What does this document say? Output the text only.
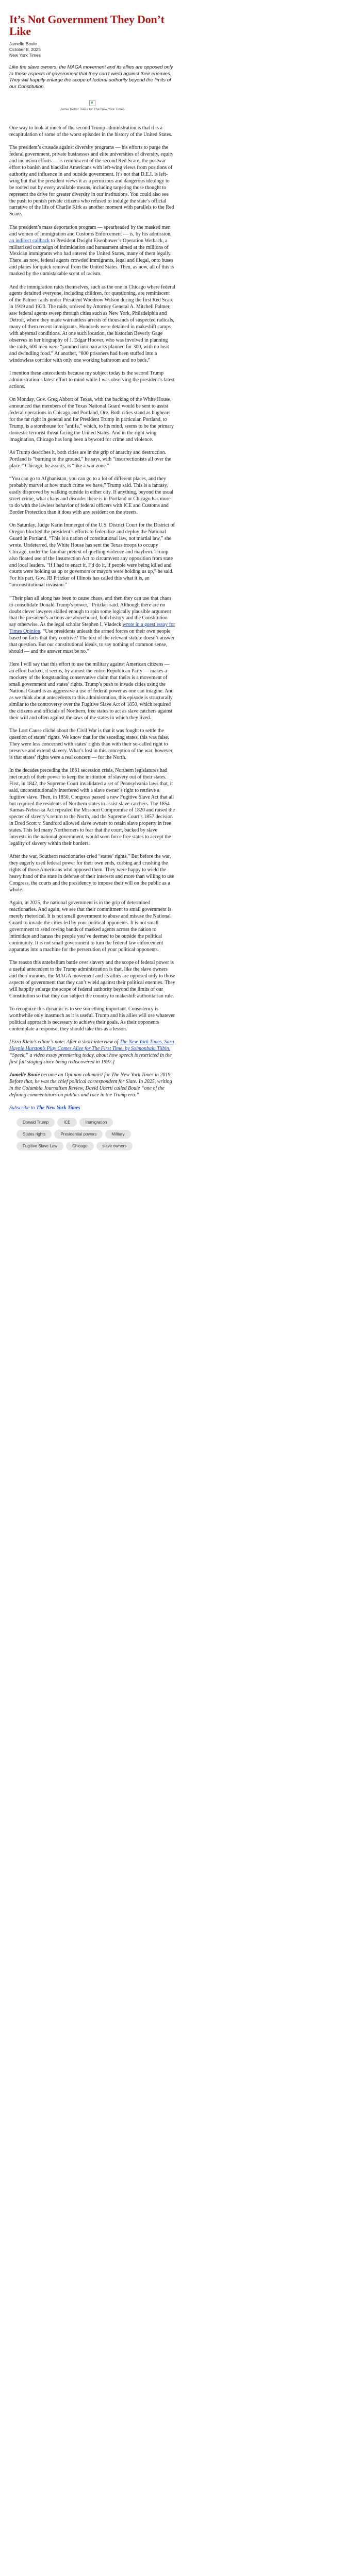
It’s Not Government They Don’t Like
Jamelle Bouie
October 8, 2025
New York Times
Like the slave owners, the MAGA movement and its allies are opposed only to those aspects of government that they can’t wield against their enemies. They will happily enlarge the scope of federal authority beyond the limits of our Constitution.
Jamie Kelter Davis for The New York Times

One way to look at much of the second Trump administration is that it is a recapitulation of some of the worst episodes in the history of the United States.

The president’s crusade against diversity programs — his efforts to purge the federal government, private businesses and elite universities of diversity, equity and inclusion efforts — is reminiscent of the second Red Scare, the postwar effort to banish and blacklist Americans with left-wing views from positions of authority and influence in and outside government. It’s not that D.E.I. is left-wing but that the president views it as a pernicious and dangerous ideology to be rooted out by every available means, including targeting those thought to represent the drive for greater diversity in our institutions. You could also see the push to punish private citizens who refused to indulge the state’s official narrative of the life of Charlie Kirk as another moment with parallels to the Red Scare.

The president’s mass deportation program — spearheaded by the masked men and women of Immigration and Customs Enforcement — is, by his admission, an indirect callback to President Dwight Eisenhower’s Operation Wetback, a militarized campaign of intimidation and harassment aimed at the millions of Mexican immigrants who had entered the United States, many of them legally. There, as now, federal agents crowded immigrants, legal and illegal, onto buses and planes for quick removal from the United States. Then, as now, all of this is marked by the unmistakable scent of racism.

And the immigration raids themselves, such as the one in Chicago where federal agents detained everyone, including children, for questioning, are reminiscent of the Palmer raids under President Woodrow Wilson during the first Red Scare in 1919 and 1920. The raids, ordered by Attorney General A. Mitchell Palmer, saw federal agents sweep through cities such as New York, Philadelphia and Detroit, where they made warrantless arrests of thousands of suspected radicals, many of them recent immigrants. Hundreds were detained in makeshift camps with abysmal conditions. At one such location, the historian Beverly Gage observes in her biography of J. Edgar Hoover, who was involved in planning the raids, 600 men were “jammed into barracks planned for 300, with no heat and dwindling food.” At another, “800 prisoners had been stuffed into a windowless corridor with only one working bathroom and no beds.”

I mention these antecedents because my subject today is the second Trump administration’s latest effort to mind while I was observing the president’s latest actions.

On Monday, Gov. Greg Abbott of Texas, with the backing of the White House, announced that members of the Texas National Guard would be sent to assist federal operations in Chicago and Portland, Ore. Both cities stand as bugbears for the far right in general and for President Trump in particular. Portland, to Trump, is a storehouse for “antifa,” which, to his mind, seems to be the primary domestic terrorist threat facing the United States. And in the right-wing imagination, Chicago has long been a byword for crime and violence.

As Trump describes it, both cities are in the grip of anarchy and destruction. Portland is “burning to the ground,” he says, with “insurrectionists all over the place.” Chicago, he asserts, is “like a war zone.”

“You can go to Afghanistan, you can go to a lot of different places, and they probably marvel at how much crime we have,” Trump said. This is a fantasy, easily disproved by walking outside in either city. If anything, beyond the usual street crime, what chaos and disorder there is in Portland or Chicago has more to do with the lawless behavior of federal officers with ICE and Customs and Border Protection than it does with any resident on the streets.

On Saturday, Judge Karin Immergut of the U.S. District Court for the District of Oregon blocked the president’s efforts to federalize and deploy the National Guard in Portland. “This is a nation of constitutional law, not martial law,” she wrote. Undeterred, the White House has sent the Texas troops to occupy Chicago, under the familiar pretext of quelling violence and mayhem. Trump also floated use of the Insurrection Act to circumvent any opposition from state and local leaders. “If I had to enact it, I’d do it, if people were being killed and courts were holding us up or governors or mayors were holding us up,” he said. For his part, Gov. JB Pritzker of Illinois has called this what it is, an “unconstitutional invasion.”

“Their plan all along has been to cause chaos, and then they can use that chaos to consolidate Donald Trump’s power,” Pritzker said. Although there are no doubt clever lawyers skilled enough to spin some logically plausible argument that the president’s actions are aboveboard, both history and the Constitution say otherwise. As the legal scholar Stephen I. Vladeck wrote in a guest essay for Times Opinion, “Use presidents unleash the armed forces on their own people based on facts that they contrive? The text of the relevant statute doesn’t answer that question. But our constitutional ideals, to say nothing of common sense, should — and the answer must be no.”

Here I will say that this effort to use the military against American citizens — an effort backed, it seems, by almost the entire Republican Party — makes a mockery of the longstanding conservative claim that theirs is a movement of small government and states’ rights. Trump’s push to invade cities using the National Guard is as aggressive a use of federal power as one can imagine. And as we think about antecedents to this administration, this episode is structurally similar to the controversy over the Fugitive Slave Act of 1850, which required the citizens and officials of Northern, free states to act as slave catchers against their will and often against the laws of the states in which they lived.

The Lost Cause cliché about the Civil War is that it was fought to settle the question of states’ rights. We know that for the seceding states, this was false. They were less concerned with states’ rights than with their so-called right to preserve and extend slavery. What’s lost in this conception of the war, however, is that states’ rights were a real concern — for the North.

In the decades preceding the 1861 secession crisis, Northern legislatures had met much of their power to keep the institution of slavery out of their states. First, in 1842, the Supreme Court invalidated a set of Pennsylvania laws that, it said, unconstitutionally interfered with a slave owner’s right to retrieve a fugitive slave. Then, in 1850, Congress passed a new Fugitive Slave Act that all but required the residents of Northern states to assist slave catchers. The 1854 Kansas-Nebraska Act repealed the Missouri Compromise of 1820 and raised the specter of slavery’s return to the North, and the Supreme Court’s 1857 decision in Dred Scott v. Sandford allowed slave owners to retain slave property in free states. This led many Northerners to fear that the court, backed by slave interests in the national government, would soon force free states to accept the legality of slavery within their borders.

After the war, Southern reactionaries cried “states’ rights.” But before the war, they eagerly used federal power for their own ends, curbing and crushing the rights of those Americans who opposed them. They were happy to wield the heavy hand of the state in defense of their interests and more than willing to use Congress, the courts and the presidency to impose their will on the public as a whole.

Again, in 2025, the national government is in the grip of determined reactionaries. And again, we see that their commitment to small government is merely rhetorical. It is not small government to abuse and misuse the National Guard to invade the cities led by your political opponents. It is not small government to send roving bands of masked agents across the nation to intimidate and harass the people you’ve deemed to be outside the political community. It is not small government to turn the federal law enforcement apparatus into a machine for the persecution of your political opponents.

The reason this antebellum battle over slavery and the scope of federal power is a useful antecedent to the Trump administration is that, like the slave owners and their minions, the MAGA movement and its allies are opposed only to those aspects of government that they can’t wield against their political enemies. They will happily enlarge the scope of federal authority beyond the limits of our Constitution so that they can subject the country to makeshift authoritarian rule.

To recognize this dynamic is to see something important. Consistency is worthwhile only inasmuch as it is useful. Trump and his allies will use whatever political approach is necessary to achieve their goals. As their opponents contemplate a response, they should take this as a lesson.

[Ezra Klein’s editor’s note: After a short interview of The New York Times, Sara Haynie Hurston’s Play Comes Alive for The First Time, by Solmonbaiu Tilbin, “Speek,” a video essay premiering today, about how speech is restricted in the first full staging since being rediscovered in 1997.]

Jamelle Bouie became an Opinion columnist for The New York Times in 2019. Before that, he was the chief political correspondent for Slate. In 2025, writing in the Columbia Journalism Review, David Uberti called Bouie “one of the defining commentators on politics and race in the Trump era.”

Subscribe to The New York Times
Donald Trump	ICE	Immigration
States rights	Presidential powers	Military
Fugitive Slave Law	Chicago	slave owners
